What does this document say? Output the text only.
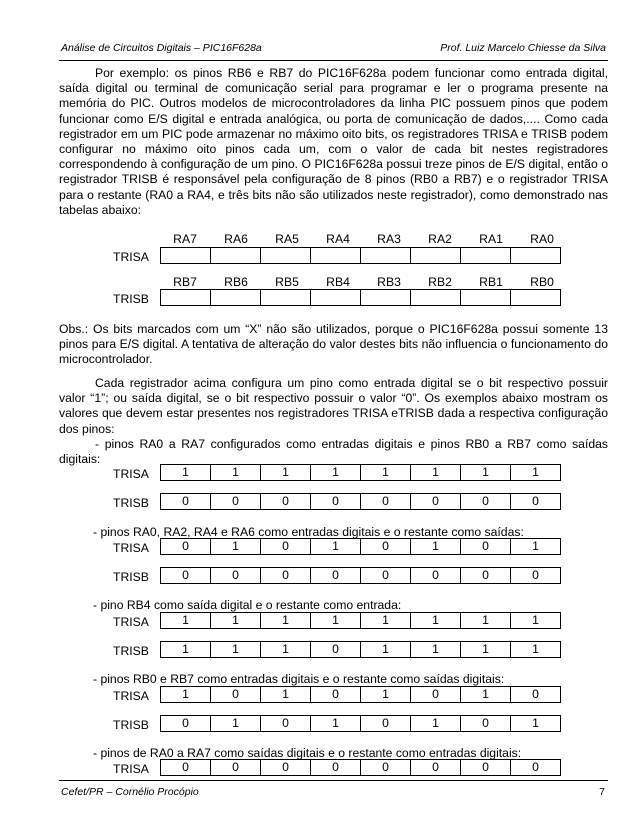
Análise de Circuitos Digitais – PIC16F628a	Prof. Luiz Marcelo Chiesse da Silva

Por exemplo: os pinos RB6 e RB7 do PIC16F628a podem funcionar como entrada digital, saída digital ou terminal de comunicação serial para programar e ler o programa presente na memória do PIC. Outros modelos de microcontroladores da linha PIC possuem pinos que podem funcionar como E/S digital e entrada analógica, ou porta de comunicação de dados,.... Como cada registrador em um PIC pode armazenar no máximo oito bits, os registradores TRISA e TRISB podem configurar no máximo oito pinos cada um, com o valor de cada bit nestes registradores correspondendo à configuração de um pino. O PIC16F628a possui treze pinos de E/S digital, então o registrador TRISB é responsável pela configuração de 8 pinos (RB0 a RB7) e o registrador TRISA para o restante (RA0 a RA4, e três bits não são utilizados neste registrador), como demonstrado nas tabelas abaixo:

RA7	RA6	RA5	RA4	RA3	RA2	RA1	RA0
TRISA

RB7	RB6	RB5	RB4	RB3	RB2	RB1	RB0
TRISB

Obs.: Os bits marcados com um “X” não são utilizados, porque o PIC16F628a possui somente 13 pinos para E/S digital. A tentativa de alteração do valor destes bits não influencia o funcionamento do microcontrolador.

Cada registrador acima configura um pino como entrada digital se o bit respectivo possuir valor “1”; ou saída digital, se o bit respectivo possuir o valor “0”. Os exemplos abaixo mostram os valores que devem estar presentes nos registradores TRISA eTRISB dada a respectiva configuração dos pinos:

- pinos RA0 a RA7 configurados como entradas digitais e pinos RB0 a RB7 como saídas digitais:

TRISA	1	1	1	1	1	1	1	1
TRISB	0	0	0	0	0	0	0	0
- pinos RA0, RA2, RA4 e RA6 como entradas digitais e o restante como saídas:
TRISA	0	1	0	1	0	1	0	1
TRISB	0	0	0	0	0	0	0	0
- pino RB4 como saída digital e o restante como entrada:
TRISA	1	1	1	1	1	1	1	1
TRISB	1	1	1	0	1	1	1	1
- pinos RB0 e RB7 como entradas digitais e o restante como saídas digitais:
TRISA	1	0	1	0	1	0	1	0
TRISB	0	1	0	1	0	1	0	1
- pinos de RA0 a RA7 como saídas digitais e o restante como entradas digitais:
TRISA	0	0	0	0	0	0	0	0
Cefet/PR – Cornélio Procópio	7
